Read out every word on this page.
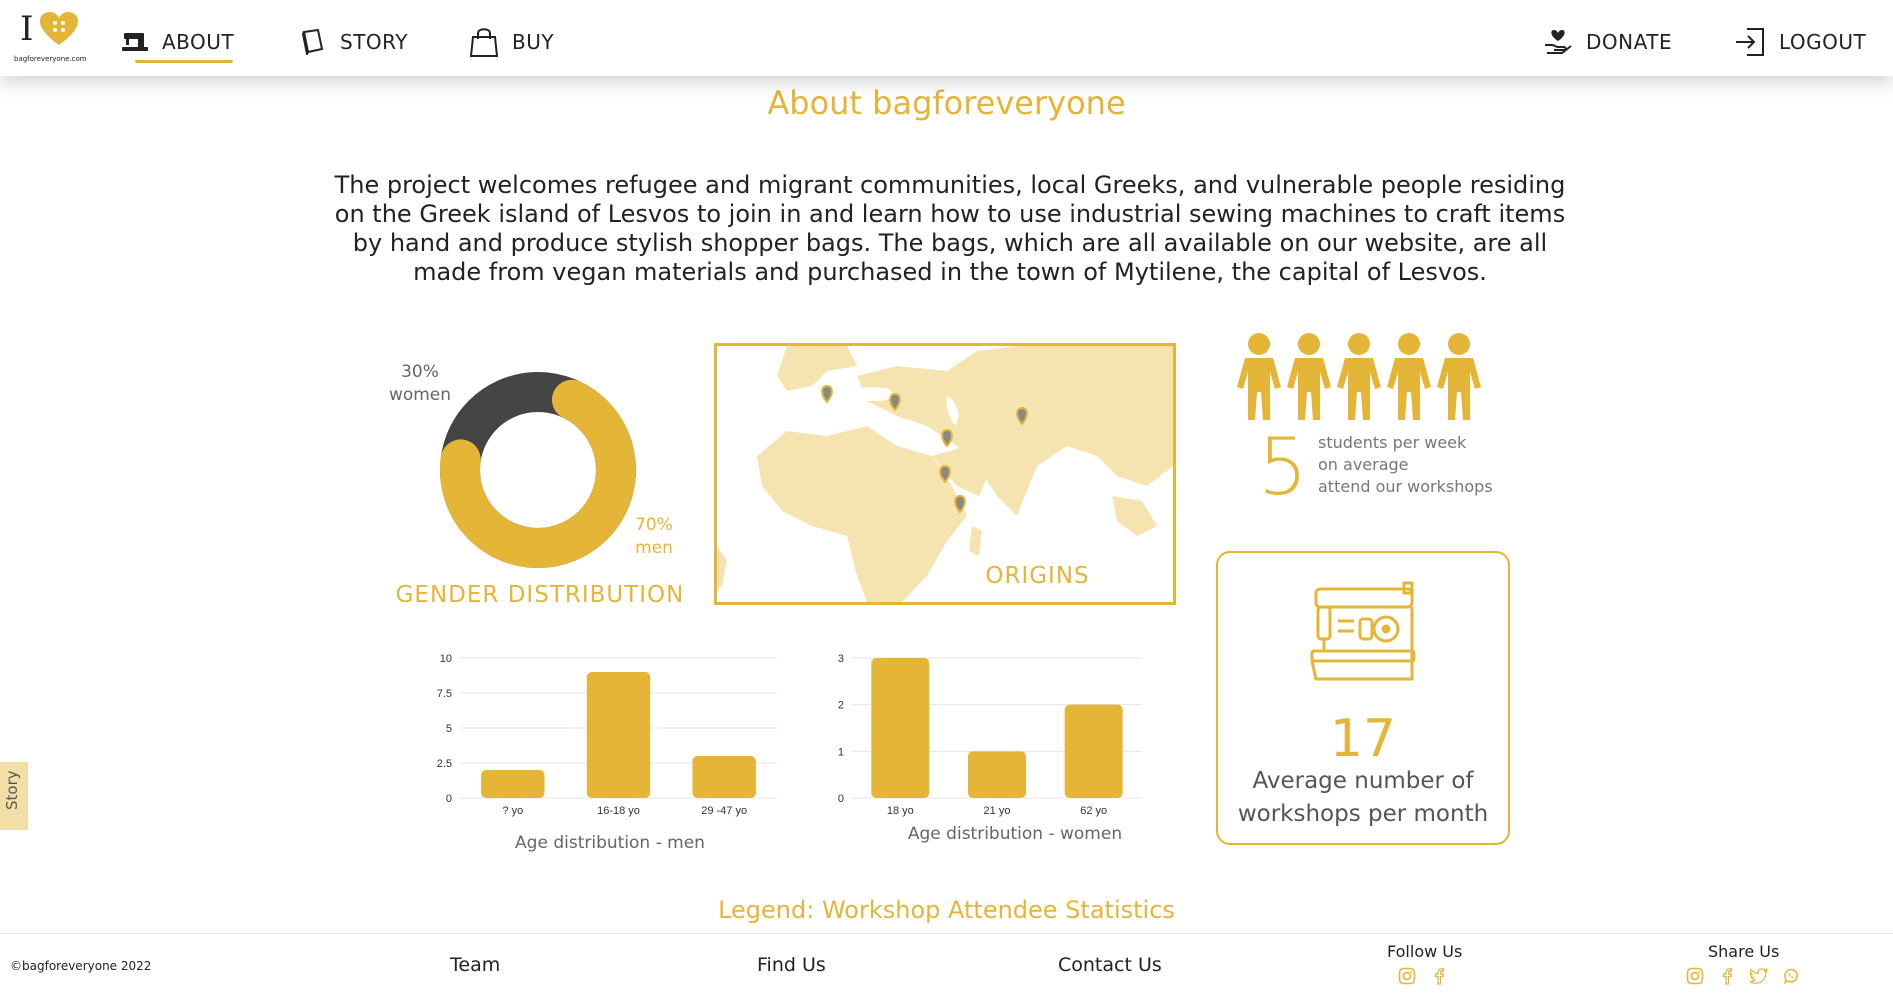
I
bagforeveryone.com
ABOUT	STORY	BUY	DONATE	LOGOUT
About bagforeveryone
The project welcomes refugee and migrant communities, local Greeks, and vulnerable people residing on the Greek island of Lesvos to join in and learn how to use industrial sewing machines to craft items by hand and produce stylish shopper bags. The bags, which are all available on our website, are all made from vegan materials and purchased in the town of Mytilene, the capital of Lesvos.
30%
women
70%
men
GENDER DISTRIBUTION
ORIGINS
5 students per week
on average
attend our workshops
17
Average number of
workshops per month
0
2.5
5
7.5
10
? yo	16-18 yo	29 -47 yo
Age distribution - men
0
1
2
3
18 yo	21 yo	62 yo
Age distribution - women
Legend: Workshop Attendee Statistics
Story
©bagforeveryone 2022	Team	Find Us	Contact Us
Follow Us	Share Us
